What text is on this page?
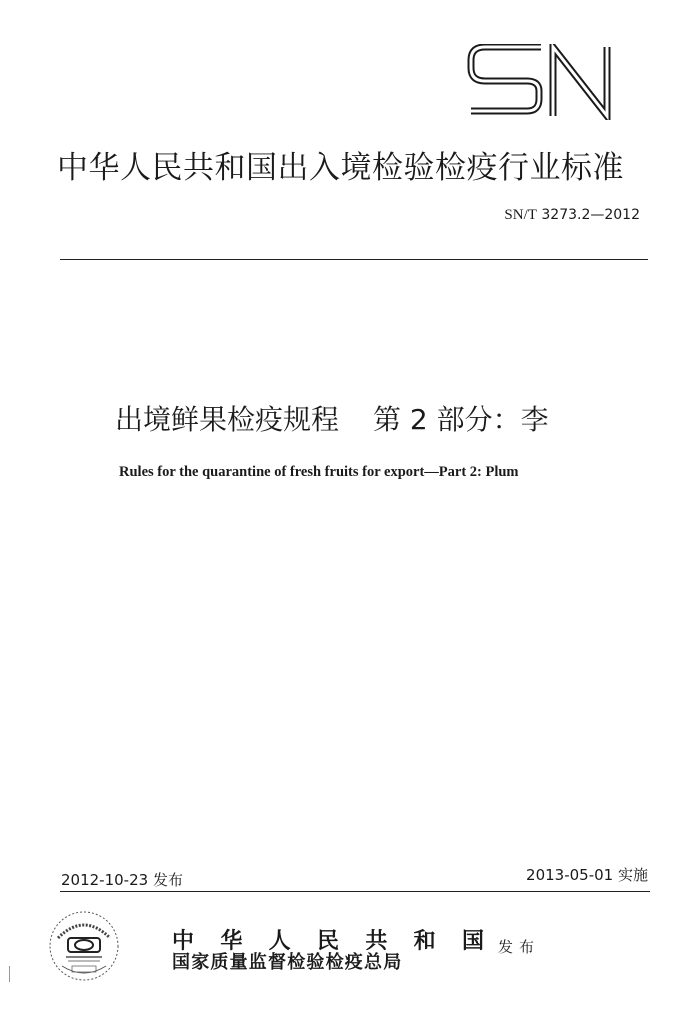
中华人民共和国出入境检验检疫行业标准
SN/T 3273.2—2012
出境鲜果检疫规程 第 2 部分：李
Rules for the quarantine of fresh fruits for export—Part 2: Plum
2012-10-23 发布	2013-05-01 实施
中 华 人 民 共 和 国
国家质量监督检验检疫总局
发布
